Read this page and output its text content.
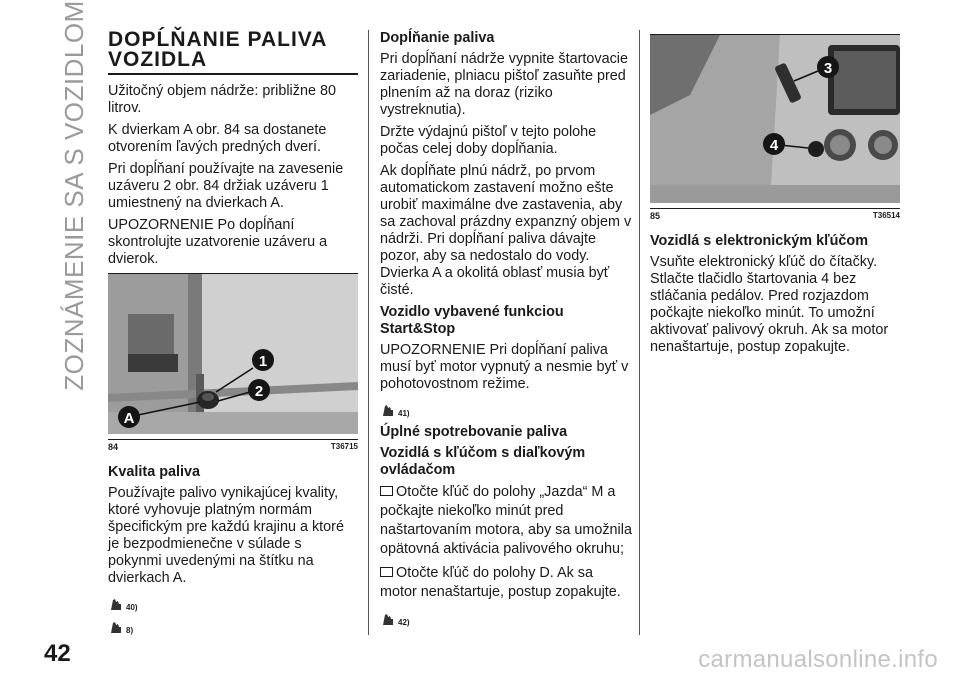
ZOZNÁMENIE SA S VOZIDLOM
42	carmanualsonline.info
DOPĹŇANIE PALIVA
VOZIDLA

Užitočný objem nádrže: približne 80 litrov.

K dvierkam A obr. 84 sa dostanete otvorením ľavých predných dverí.

Pri dopĺňaní používajte na zavesenie uzáveru 2 obr. 84 držiak uzáveru 1 umiestnený na dvierkach A.

UPOZORNENIE Po dopĺňaní skontrolujte uzatvorenie uzáveru a dvierok.

1
2
A
84	T36715
Kvalita paliva

Používajte palivo vynikajúcej kvality, ktoré vyhovuje platným normám špecifickým pre každú krajinu a ktoré je bezpodmienečne v súlade s pokynmi uvedenými na štítku na dvierkach A.

40)
8)
Dopĺňanie paliva

Pri dopĺňaní nádrže vypnite štartovacie zariadenie, plniacu pištoľ zasuňte pred plnením až na doraz (riziko vystreknutia).

Držte výdajnú pištoľ v tejto polohe počas celej doby dopĺňania.

Ak dopĺňate plnú nádrž, po prvom automatickom zastavení možno ešte urobiť maximálne dve zastavenia, aby sa zachoval prázdny expanzný objem v nádrži. Pri dopĺňaní paliva dávajte pozor, aby sa nedostalo do vody. Dvierka A a okolitá oblasť musia byť čisté.

Vozidlo vybavené funkciou Start&Stop

UPOZORNENIE Pri dopĺňaní paliva musí byť motor vypnutý a nesmie byť v pohotovostnom režime.

41)
Úplné spotrebovanie paliva
Vozidlá s kľúčom s diaľkovým ovládačom

Otočte kľúč do polohy „Jazda“ M a počkajte niekoľko minút pred naštartovaním motora, aby sa umožnila opätovná aktivácia palivového okruhu;

Otočte kľúč do polohy D. Ak sa motor nenaštartuje, postup zopakujte.

42)
3
4
85	T36514
Vozidlá s elektronickým kľúčom

Vsuňte elektronický kľúč do čítačky. Stlačte tlačidlo štartovania 4 bez stláčania pedálov. Pred rozjazdom počkajte niekoľko minút. To umožní aktivovať palivový okruh. Ak sa motor nenaštartuje, postup zopakujte.
